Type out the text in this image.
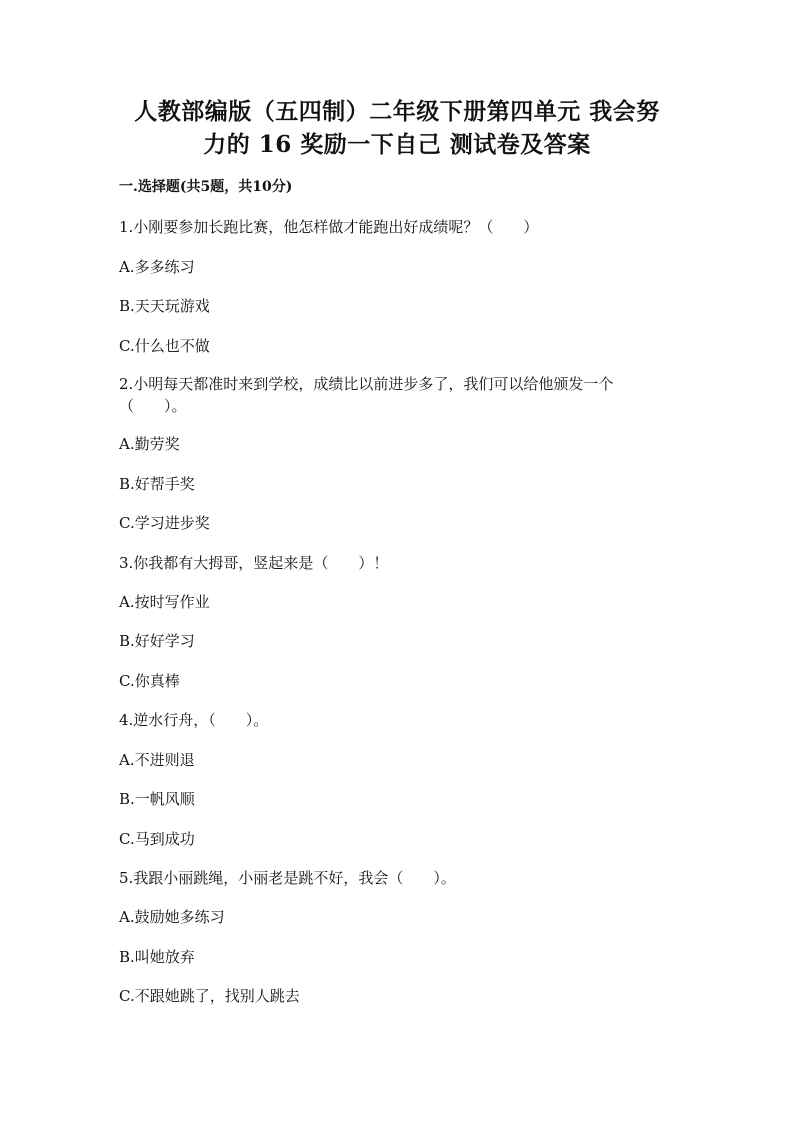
人教部编版（五四制）二年级下册第四单元 我会努
力的 16 奖励一下自己 测试卷及答案
一.选择题(共5题，共10分)
1.小刚要参加长跑比赛，他怎样做才能跑出好成绩呢？（　　）
A.多多练习
B.天天玩游戏
C.什么也不做
2.小明每天都准时来到学校，成绩比以前进步多了，我们可以给他颁发一个
（　　）。
A.勤劳奖
B.好帮手奖
C.学习进步奖
3.你我都有大拇哥，竖起来是（　　）！
A.按时写作业
B.好好学习
C.你真棒
4.逆水行舟，（　　）。
A.不进则退
B.一帆风顺
C.马到成功
5.我跟小丽跳绳，小丽老是跳不好，我会（　　）。
A.鼓励她多练习
B.叫她放弃
C.不跟她跳了，找别人跳去
